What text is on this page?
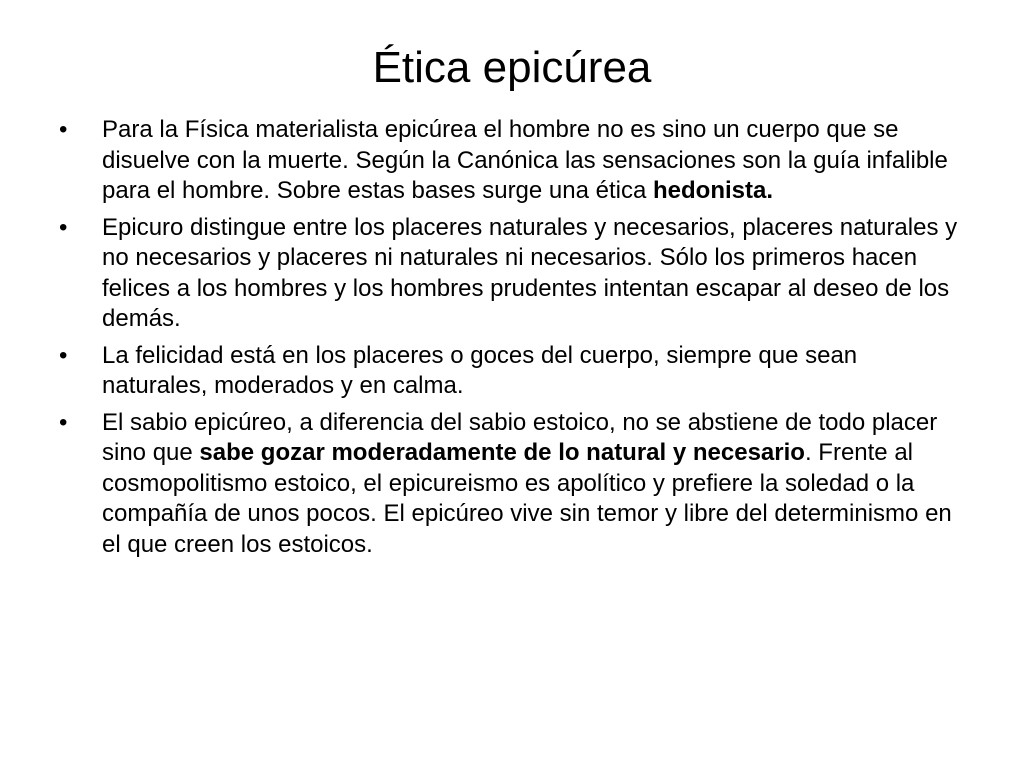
Ética epicúrea
• Para la Física materialista epicúrea el hombre no es sino un cuerpo que se disuelve con la muerte. Según la Canónica las sensaciones son la guía infalible para el hombre. Sobre estas bases surge una ética hedonista.
• Epicuro distingue entre los placeres naturales y necesarios, placeres naturales y no necesarios y placeres ni naturales ni necesarios. Sólo los primeros hacen felices a los hombres y los hombres prudentes intentan escapar al deseo de los demás.
• La felicidad está en los placeres o goces del cuerpo, siempre que sean naturales, moderados y en calma.
• El sabio epicúreo, a diferencia del sabio estoico, no se abstiene de todo placer sino que sabe gozar moderadamente de lo natural y necesario. Frente al cosmopolitismo estoico, el epicureismo es apolítico y prefiere la soledad o la compañía de unos pocos. El epicúreo vive sin temor y libre del determinismo en el que creen los estoicos.
